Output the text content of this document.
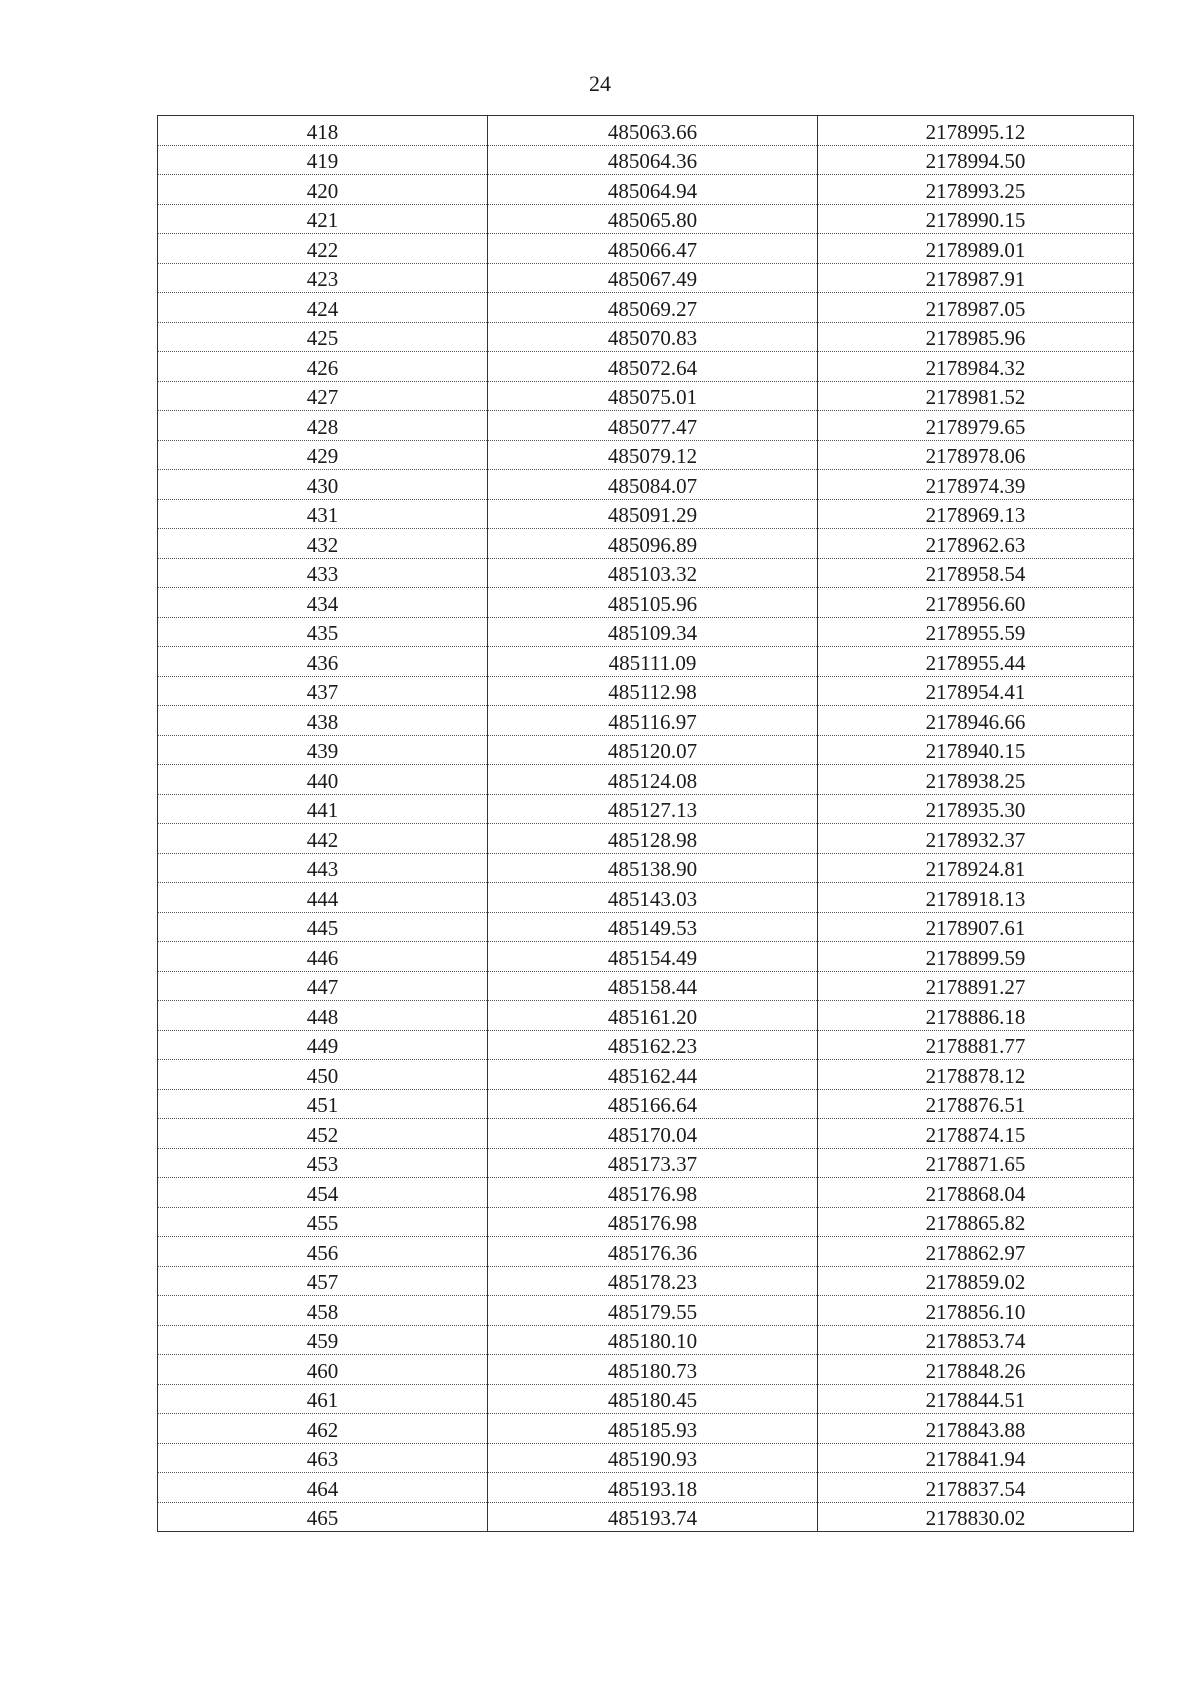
24
418	485063.66	2178995.12
419	485064.36	2178994.50
420	485064.94	2178993.25
421	485065.80	2178990.15
422	485066.47	2178989.01
423	485067.49	2178987.91
424	485069.27	2178987.05
425	485070.83	2178985.96
426	485072.64	2178984.32
427	485075.01	2178981.52
428	485077.47	2178979.65
429	485079.12	2178978.06
430	485084.07	2178974.39
431	485091.29	2178969.13
432	485096.89	2178962.63
433	485103.32	2178958.54
434	485105.96	2178956.60
435	485109.34	2178955.59
436	485111.09	2178955.44
437	485112.98	2178954.41
438	485116.97	2178946.66
439	485120.07	2178940.15
440	485124.08	2178938.25
441	485127.13	2178935.30
442	485128.98	2178932.37
443	485138.90	2178924.81
444	485143.03	2178918.13
445	485149.53	2178907.61
446	485154.49	2178899.59
447	485158.44	2178891.27
448	485161.20	2178886.18
449	485162.23	2178881.77
450	485162.44	2178878.12
451	485166.64	2178876.51
452	485170.04	2178874.15
453	485173.37	2178871.65
454	485176.98	2178868.04
455	485176.98	2178865.82
456	485176.36	2178862.97
457	485178.23	2178859.02
458	485179.55	2178856.10
459	485180.10	2178853.74
460	485180.73	2178848.26
461	485180.45	2178844.51
462	485185.93	2178843.88
463	485190.93	2178841.94
464	485193.18	2178837.54
465	485193.74	2178830.02
